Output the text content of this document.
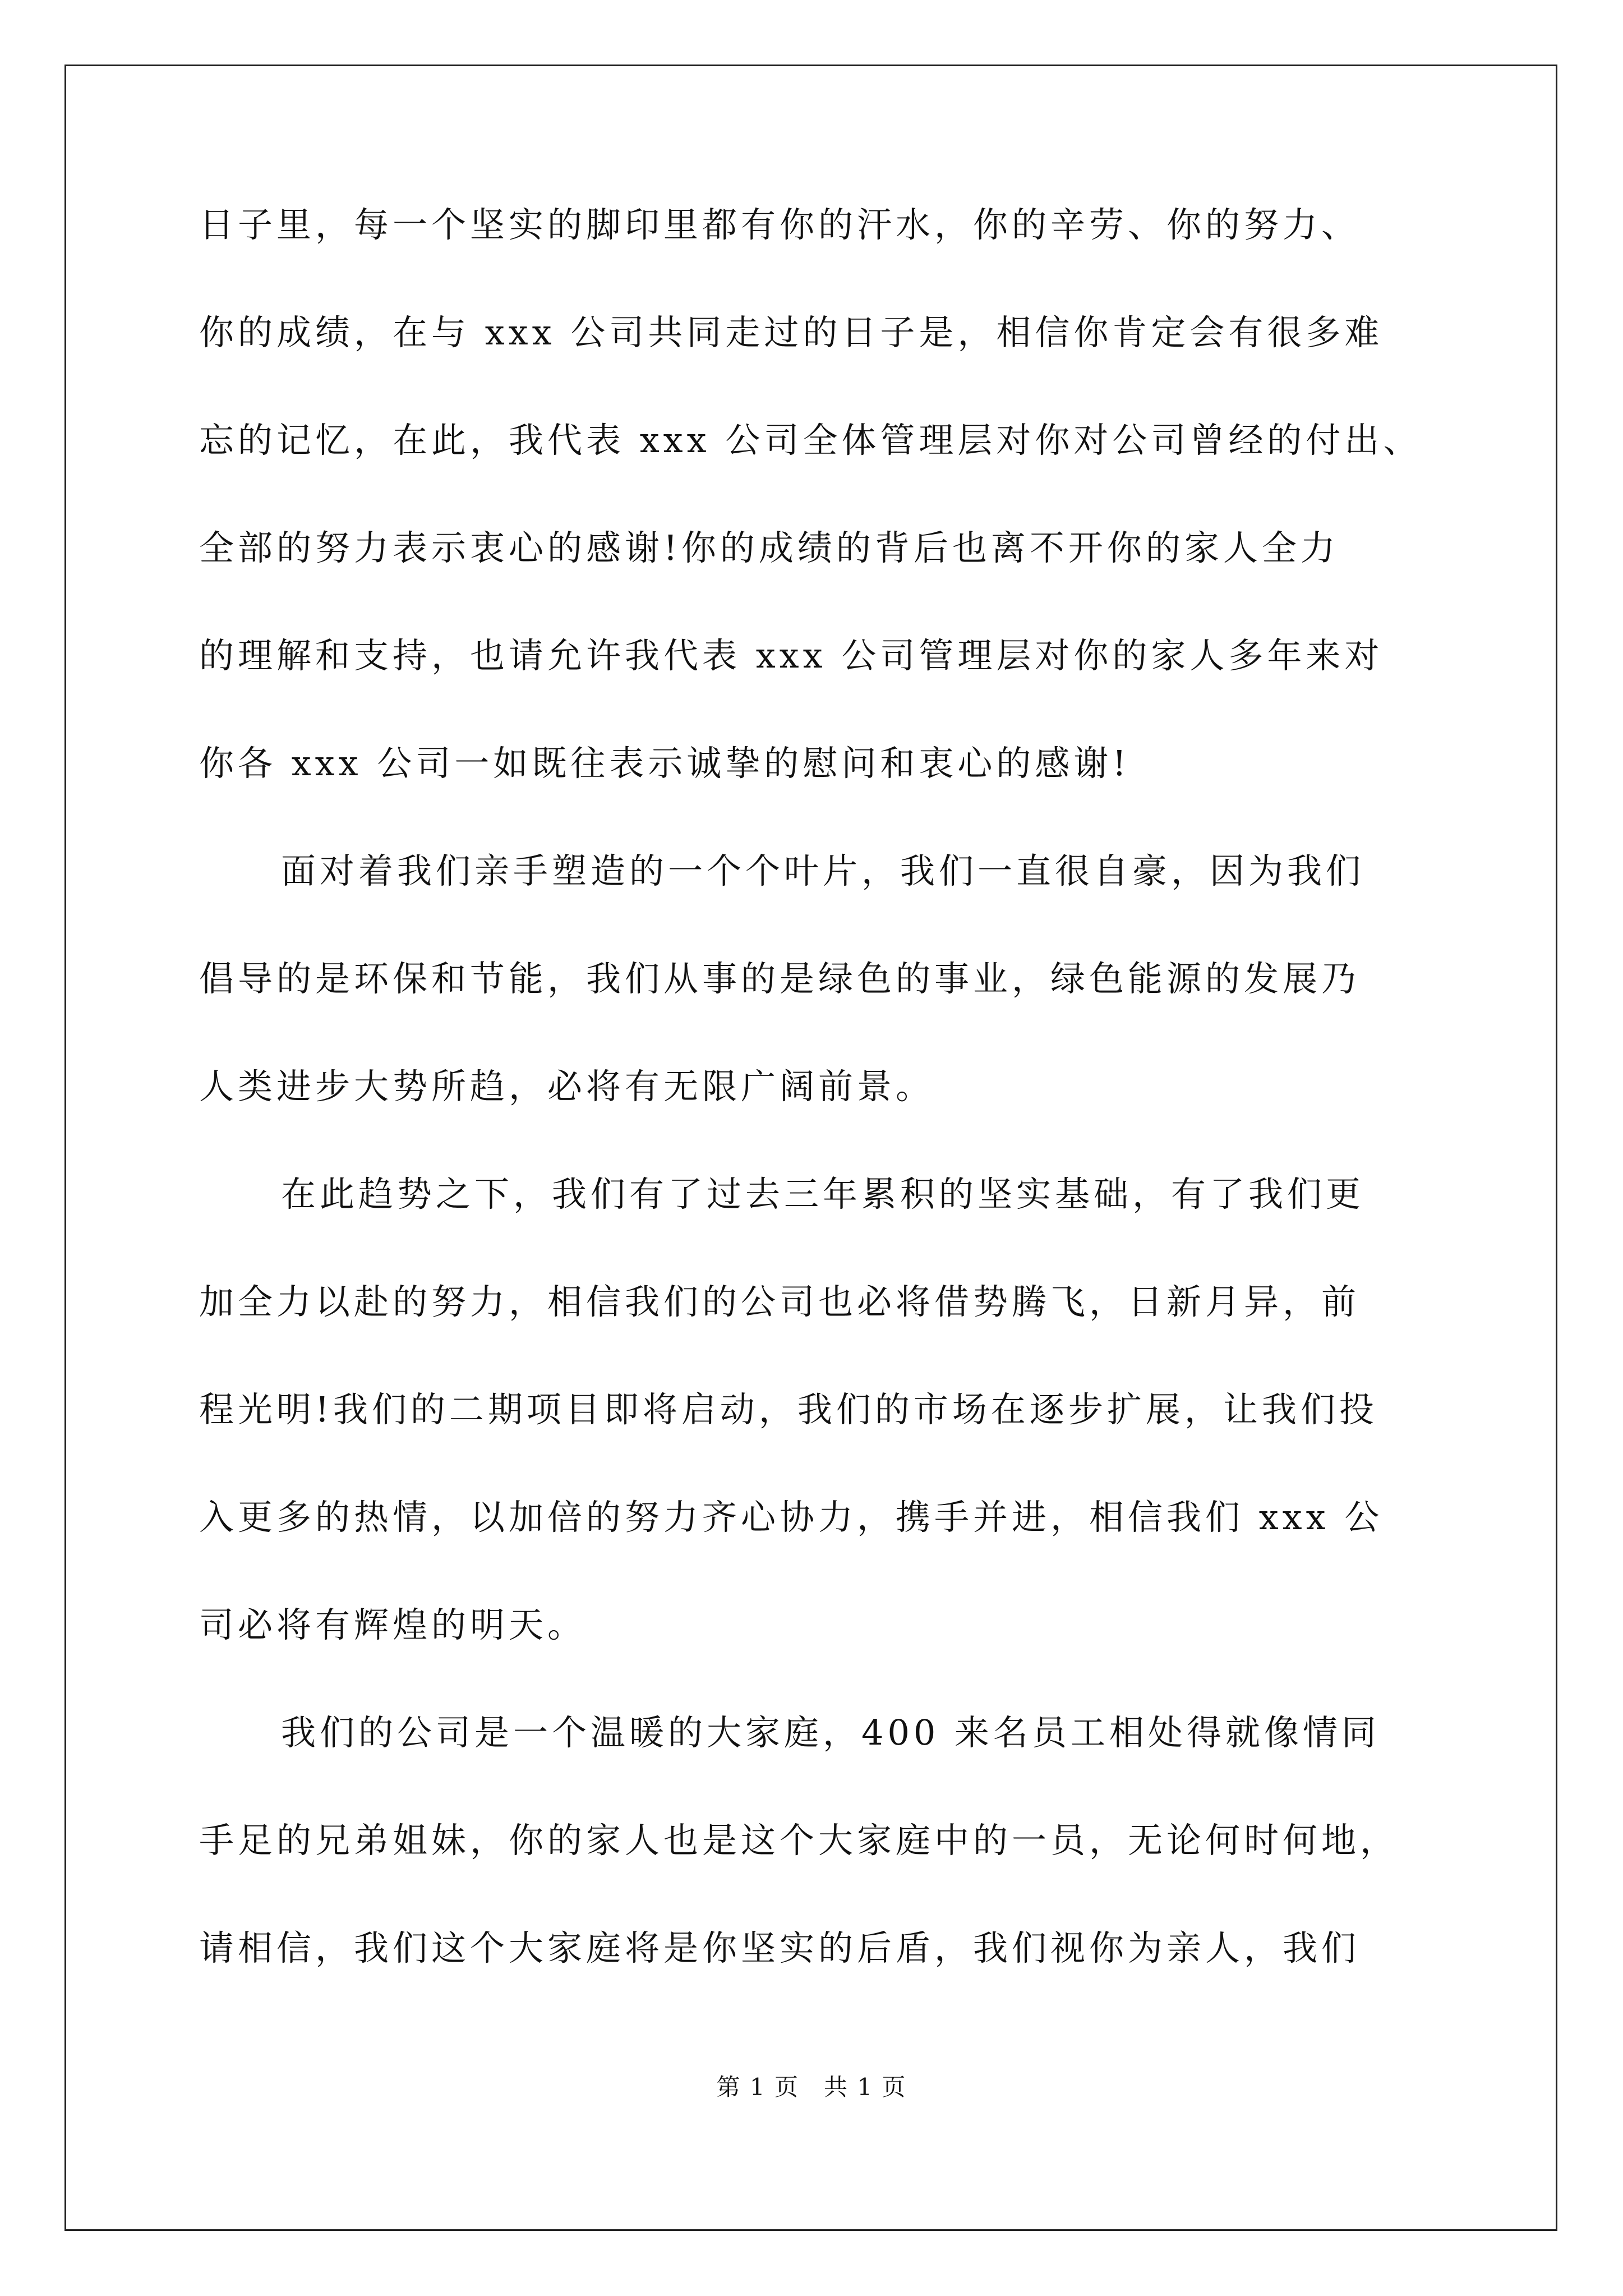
日子里，每一个坚实的脚印里都有你的汗水，你的辛劳、你的努力、
你的成绩，在与 xxx 公司共同走过的日子是，相信你肯定会有很多难
忘的记忆，在此，我代表 xxx 公司全体管理层对你对公司曾经的付出、
全部的努力表示衷心的感谢!你的成绩的背后也离不开你的家人全力
的理解和支持，也请允许我代表 xxx 公司管理层对你的家人多年来对
你各 xxx 公司一如既往表示诚挚的慰问和衷心的感谢!
面对着我们亲手塑造的一个个叶片，我们一直很自豪，因为我们
倡导的是环保和节能，我们从事的是绿色的事业，绿色能源的发展乃
人类进步大势所趋，必将有无限广阔前景。
在此趋势之下，我们有了过去三年累积的坚实基础，有了我们更
加全力以赴的努力，相信我们的公司也必将借势腾飞，日新月异，前
程光明!我们的二期项目即将启动，我们的市场在逐步扩展，让我们投
入更多的热情，以加倍的努力齐心协力，携手并进，相信我们 xxx 公
司必将有辉煌的明天。
我们的公司是一个温暖的大家庭，400 来名员工相处得就像情同
手足的兄弟姐妹，你的家人也是这个大家庭中的一员，无论何时何地，
请相信，我们这个大家庭将是你坚实的后盾，我们视你为亲人，我们
第 1 页　共 1 页
